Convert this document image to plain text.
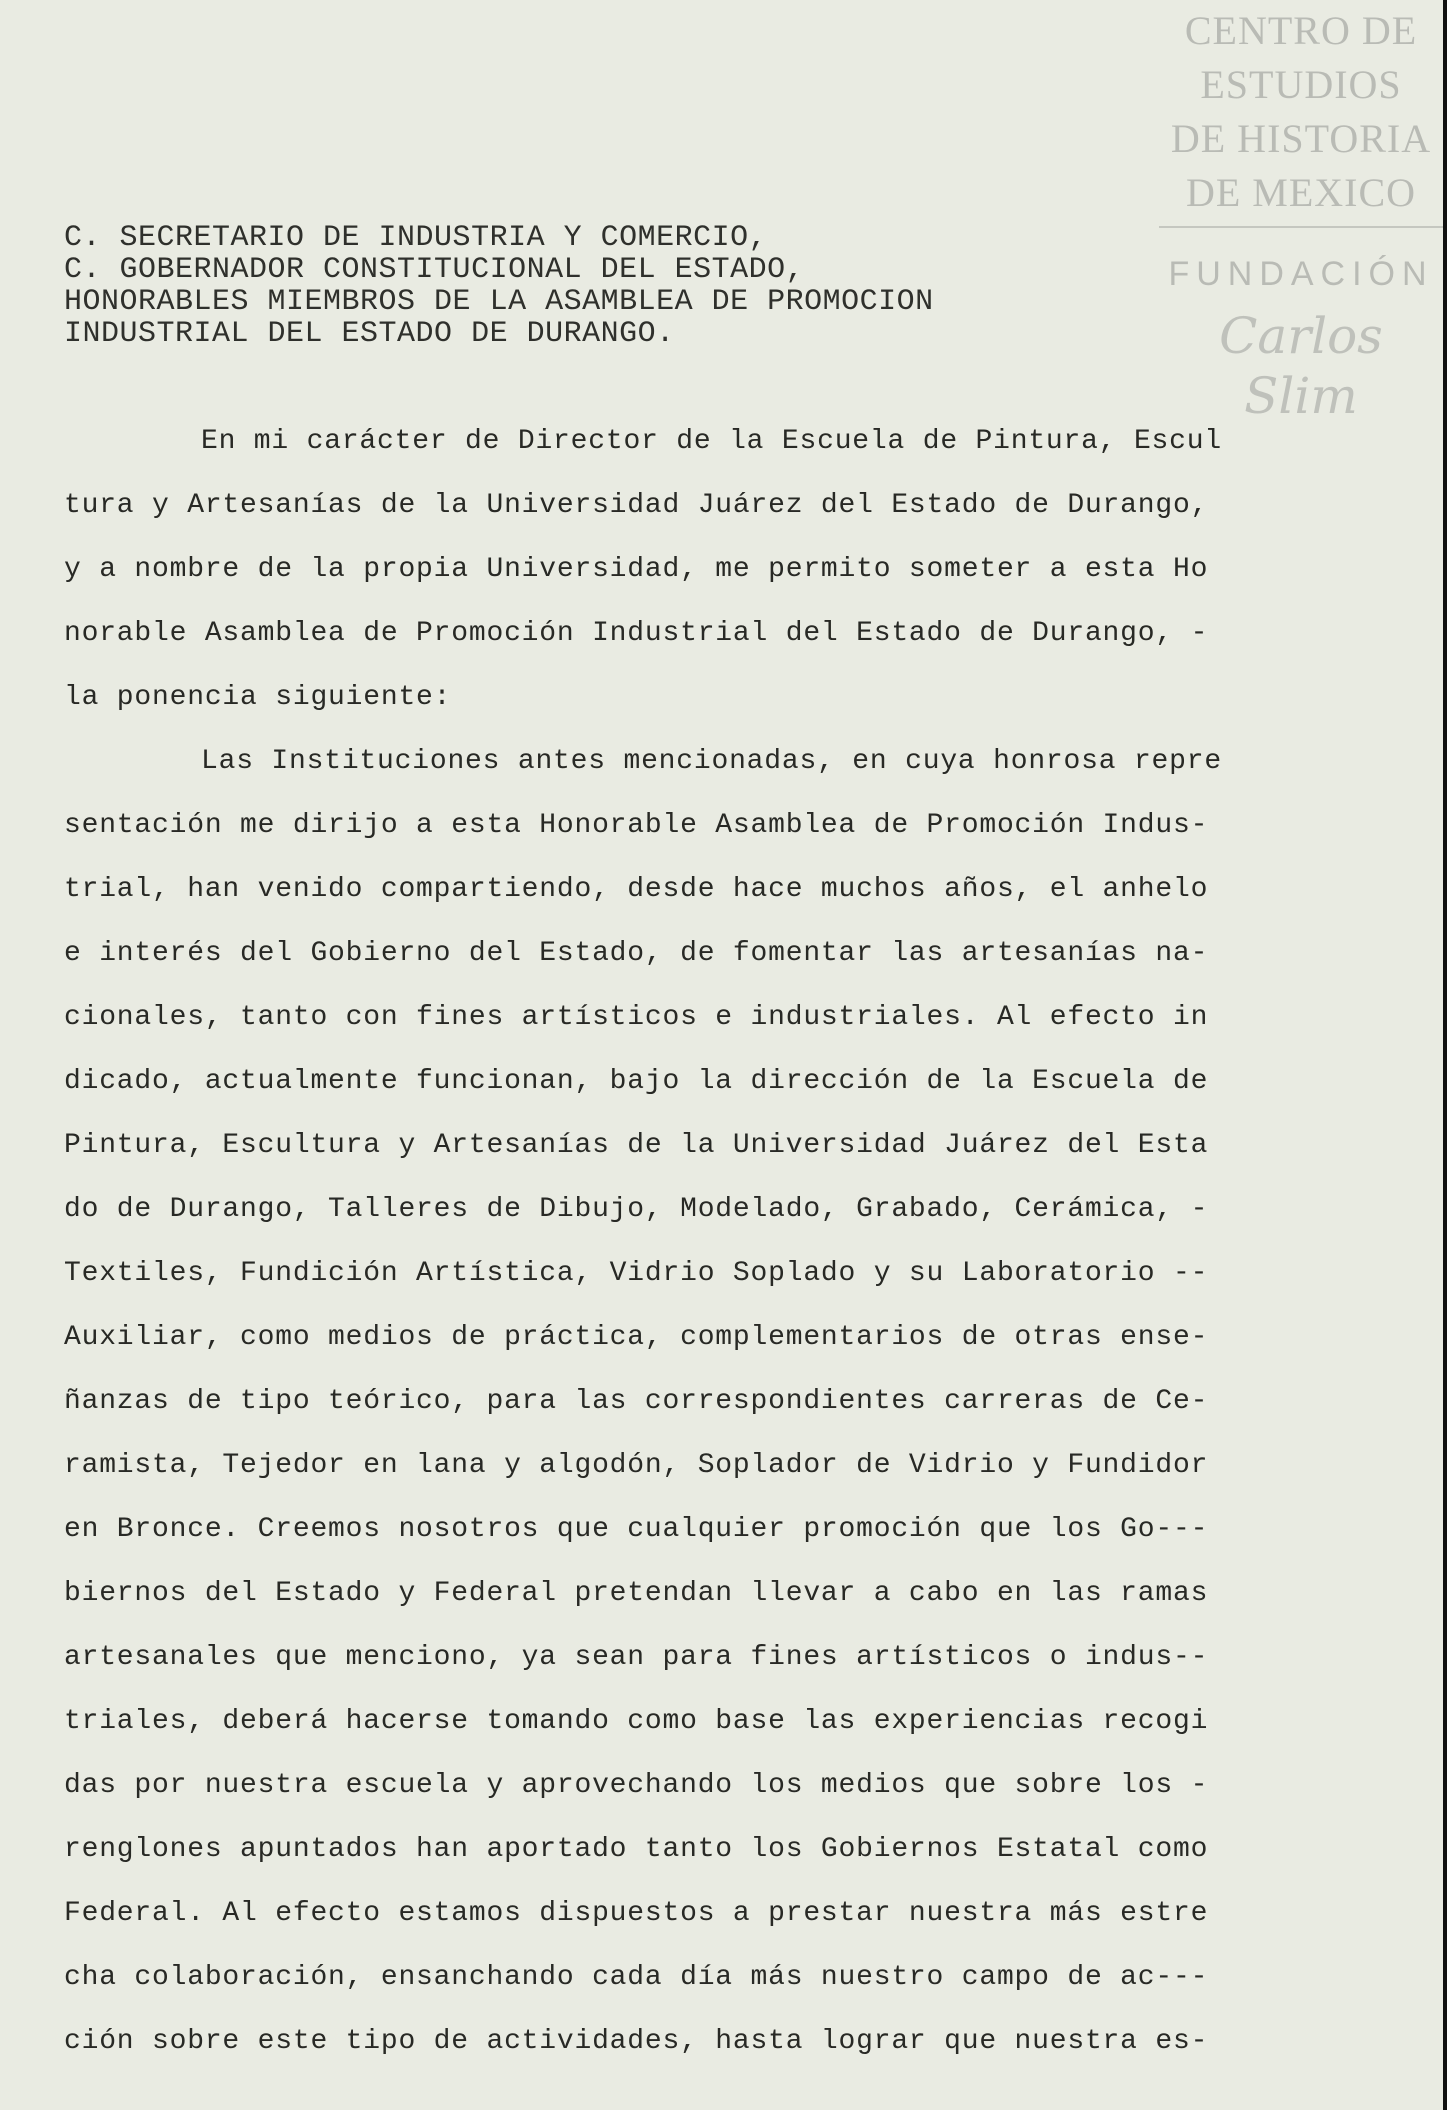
CENTRO DE
ESTUDIOS
DE HISTORIA
DE MEXICO
FUNDACIÓN
Carlos Slim
C. SECRETARIO DE INDUSTRIA Y COMERCIO,
C. GOBERNADOR CONSTITUCIONAL DEL ESTADO,
HONORABLES MIEMBROS DE LA ASAMBLEA DE PROMOCION
INDUSTRIAL DEL ESTADO DE DURANGO.
En mi carácter de Director de la Escuela de Pintura, Escul
tura y Artesanías de la Universidad Juárez del Estado de Durango,
y a nombre de la propia Universidad, me permito someter a esta Ho
norable Asamblea de Promoción Industrial del Estado de Durango, -
la ponencia siguiente:
Las Instituciones antes mencionadas, en cuya honrosa repre
sentación me dirijo a esta Honorable Asamblea de Promoción Indus-
trial, han venido compartiendo, desde hace muchos años, el anhelo
e interés del Gobierno del Estado, de fomentar las artesanías na-
cionales, tanto con fines artísticos e industriales. Al efecto in
dicado, actualmente funcionan, bajo la dirección de la Escuela de
Pintura, Escultura y Artesanías de la Universidad Juárez del Esta
do de Durango, Talleres de Dibujo, Modelado, Grabado, Cerámica, -
Textiles, Fundición Artística, Vidrio Soplado y su Laboratorio --
Auxiliar, como medios de práctica, complementarios de otras ense-
ñanzas de tipo teórico, para las correspondientes carreras de Ce-
ramista, Tejedor en lana y algodón, Soplador de Vidrio y Fundidor
en Bronce. Creemos nosotros que cualquier promoción que los Go---
biernos del Estado y Federal pretendan llevar a cabo en las ramas
artesanales que menciono, ya sean para fines artísticos o indus--
triales, deberá hacerse tomando como base las experiencias recogi
das por nuestra escuela y aprovechando los medios que sobre los -
renglones apuntados han aportado tanto los Gobiernos Estatal como
Federal. Al efecto estamos dispuestos a prestar nuestra más estre
cha colaboración, ensanchando cada día más nuestro campo de ac---
ción sobre este tipo de actividades, hasta lograr que nuestra es-
